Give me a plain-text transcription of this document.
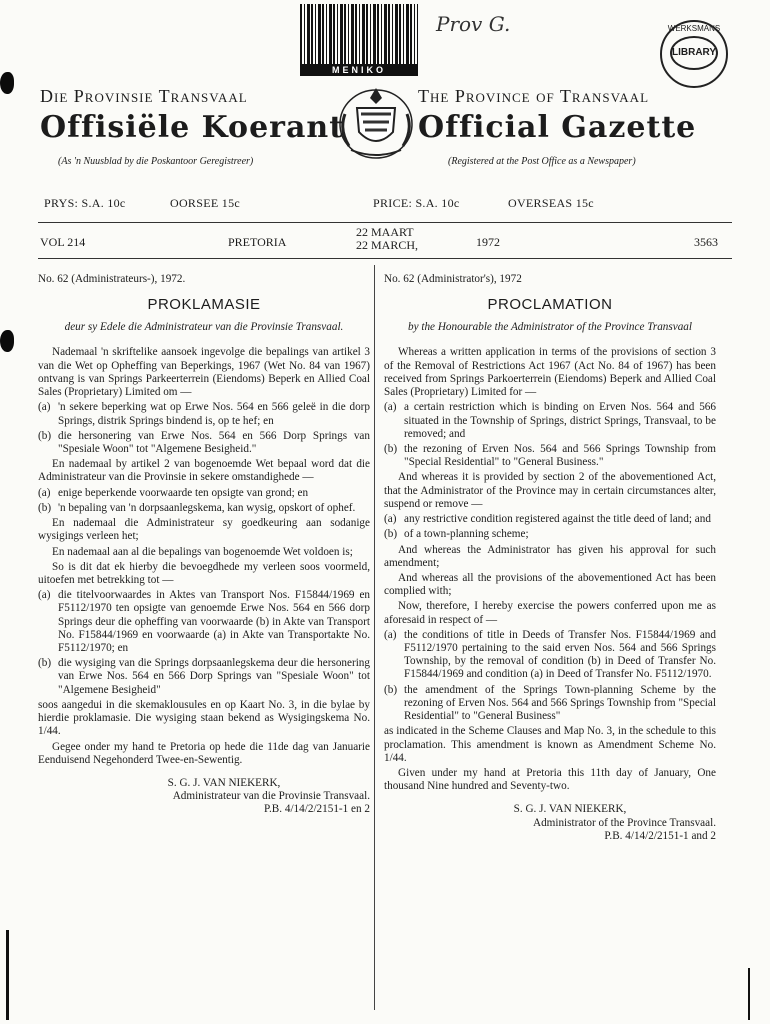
MENIKO
Prov G.	WERKSMANS
LIBRARY
Die Provinsie Transvaal	The Province of Transvaal
Offisiële Koerant Official Gazette
(As 'n Nuusblad by die Poskantoor Geregistreer)	(Registered at the Post Office as a Newspaper)
PRYS: S.A. 10c	OORSEE 15c	PRICE: S.A. 10c	OVERSEAS 15c
VOL 214	PRETORIA
22 MAART
22 MARCH,	1972	3563

No. 62 (Administrateurs-), 1972.

PROKLAMASIE

deur sy Edele die Administrateur van die Provinsie Transvaal.

Nademaal 'n skriftelike aansoek ingevolge die bepalings van artikel 3 van die Wet op Opheffing van Beperkings, 1967 (Wet No. 84 van 1967) ontvang is van Springs Parkeerterrein (Eiendoms) Beperk en Allied Coal Sales (Proprietary) Limited om —

(a) 'n sekere beperking wat op Erwe Nos. 564 en 566 geleë in die dorp Springs, distrik Springs bindend is, op te hef; en
(b) die hersonering van Erwe Nos. 564 en 566 Dorp Springs van "Spesiale Woon" tot "Algemene Besigheid."

En nademaal by artikel 2 van bogenoemde Wet bepaal word dat die Administrateur van die Provinsie in sekere omstandighede —

(a) enige beperkende voorwaarde ten opsigte van grond; en
(b) 'n bepaling van 'n dorpsaanlegskema, kan wysig, opskort of ophef.

En nademaal die Administrateur sy goedkeuring aan sodanige wysigings verleen het;

En nademaal aan al die bepalings van bogenoemde Wet voldoen is;

So is dit dat ek hierby die bevoegdhede my verleen soos voormeld, uitoefen met betrekking tot —

(a) die titelvoorwaardes in Aktes van Transport Nos. F15844/1969 en F5112/1970 ten opsigte van genoemde Erwe Nos. 564 en 566 dorp Springs deur die opheffing van voorwaarde (b) in Akte van Transport No. F15844/1969 en voorwaarde (a) in Akte van Transportakte No. F5112/1970; en
(b) die wysiging van die Springs dorpsaanlegskema deur die hersonering van Erwe Nos. 564 en 566 Dorp Springs van "Spesiale Woon" tot "Algemene Besigheid"

soos aangedui in die skemaklousules en op Kaart No. 3, in die bylae by hierdie proklamasie. Die wysiging staan bekend as Wysigingskema No. 1/44.

Gegee onder my hand te Pretoria op hede die 11de dag van Januarie Eenduisend Negehonderd Twee-en-Sewentig.

S. G. J. VAN NIEKERK,

Administrateur van die Provinsie Transvaal.

P.B. 4/14/2/2151-1 en 2

No. 62 (Administrator's), 1972

PROCLAMATION

by the Honourable the Administrator of the Province Transvaal

Whereas a written application in terms of the provisions of section 3 of the Removal of Restrictions Act 1967 (Act No. 84 of 1967) has been received from Springs Parkoerterrein (Eiendoms) Beperk and Allied Coal Sales (Proprietary) Limited for —

(a) a certain restriction which is binding on Erven Nos. 564 and 566 situated in the Township of Springs, district Springs, Transvaal, to be removed; and
(b) the rezoning of Erven Nos. 564 and 566 Springs Township from "Special Residential" to "General Business."

And whereas it is provided by section 2 of the abovementioned Act, that the Administrator of the Province may in certain circumstances alter, suspend or remove —

(a) any restrictive condition registered against the title deed of land; and
(b) of a town-planning scheme;

And whereas the Administrator has given his approval for such amendment;

And whereas all the provisions of the abovementioned Act has been complied with;

Now, therefore, I hereby exercise the powers conferred upon me as aforesaid in respect of —

(a) the conditions of title in Deeds of Transfer Nos. F15844/1969 and F5112/1970 pertaining to the said erven Nos. 564 and 566 Springs Township, by the removal of condition (b) in Deed of Transfer No. F15844/1969 and condition (a) in Deed of Transfer No. F5112/1970.
(b) the amendment of the Springs Town-planning Scheme by the rezoning of Erven Nos. 564 and 566 Springs Township from "Special Residential" to "General Business"

as indicated in the Scheme Clauses and Map No. 3, in the schedule to this proclamation. This amendment is known as Amendment Scheme No. 1/44.

Given under my hand at Pretoria this 11th day of January, One thousand Nine hundred and Seventy-two.

S. G. J. VAN NIEKERK,

Administrator of the Province Transvaal.

P.B. 4/14/2/2151-1 and 2
